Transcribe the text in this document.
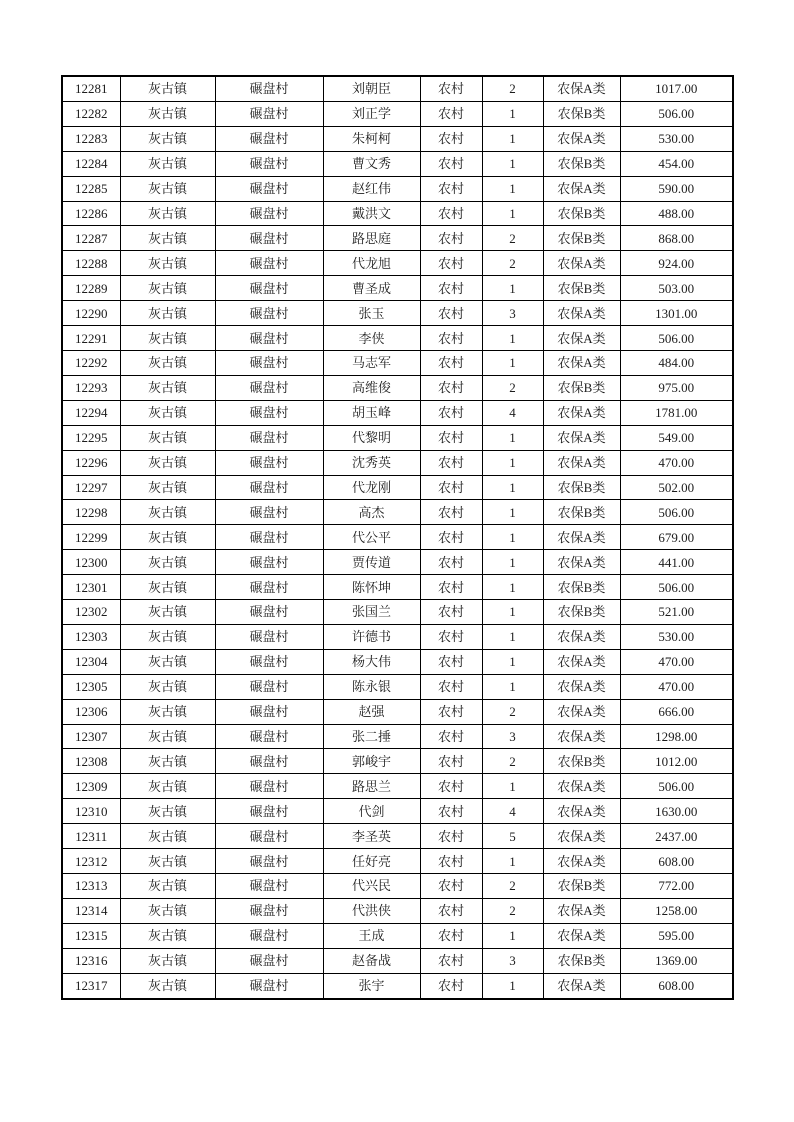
12281	灰古镇	碾盘村	刘朝臣	农村	2	农保A类	1017.00
12282	灰古镇	碾盘村	刘正学	农村	1	农保B类	506.00
12283	灰古镇	碾盘村	朱柯柯	农村	1	农保A类	530.00
12284	灰古镇	碾盘村	曹文秀	农村	1	农保B类	454.00
12285	灰古镇	碾盘村	赵红伟	农村	1	农保A类	590.00
12286	灰古镇	碾盘村	戴洪文	农村	1	农保B类	488.00
12287	灰古镇	碾盘村	路思庭	农村	2	农保B类	868.00
12288	灰古镇	碾盘村	代龙旭	农村	2	农保A类	924.00
12289	灰古镇	碾盘村	曹圣成	农村	1	农保B类	503.00
12290	灰古镇	碾盘村	张玉	农村	3	农保A类	1301.00
12291	灰古镇	碾盘村	李侠	农村	1	农保A类	506.00
12292	灰古镇	碾盘村	马志军	农村	1	农保A类	484.00
12293	灰古镇	碾盘村	高维俊	农村	2	农保B类	975.00
12294	灰古镇	碾盘村	胡玉峰	农村	4	农保A类	1781.00
12295	灰古镇	碾盘村	代黎明	农村	1	农保A类	549.00
12296	灰古镇	碾盘村	沈秀英	农村	1	农保A类	470.00
12297	灰古镇	碾盘村	代龙刚	农村	1	农保B类	502.00
12298	灰古镇	碾盘村	高杰	农村	1	农保B类	506.00
12299	灰古镇	碾盘村	代公平	农村	1	农保A类	679.00
12300	灰古镇	碾盘村	贾传道	农村	1	农保A类	441.00
12301	灰古镇	碾盘村	陈怀坤	农村	1	农保B类	506.00
12302	灰古镇	碾盘村	张国兰	农村	1	农保B类	521.00
12303	灰古镇	碾盘村	许德书	农村	1	农保A类	530.00
12304	灰古镇	碾盘村	杨大伟	农村	1	农保A类	470.00
12305	灰古镇	碾盘村	陈永银	农村	1	农保A类	470.00
12306	灰古镇	碾盘村	赵强	农村	2	农保A类	666.00
12307	灰古镇	碾盘村	张二捶	农村	3	农保A类	1298.00
12308	灰古镇	碾盘村	郭峻宇	农村	2	农保B类	1012.00
12309	灰古镇	碾盘村	路思兰	农村	1	农保A类	506.00
12310	灰古镇	碾盘村	代剑	农村	4	农保A类	1630.00
12311	灰古镇	碾盘村	李圣英	农村	5	农保A类	2437.00
12312	灰古镇	碾盘村	任好亮	农村	1	农保A类	608.00
12313	灰古镇	碾盘村	代兴民	农村	2	农保B类	772.00
12314	灰古镇	碾盘村	代洪侠	农村	2	农保A类	1258.00
12315	灰古镇	碾盘村	王成	农村	1	农保A类	595.00
12316	灰古镇	碾盘村	赵备战	农村	3	农保B类	1369.00
12317	灰古镇	碾盘村	张宇	农村	1	农保A类	608.00
